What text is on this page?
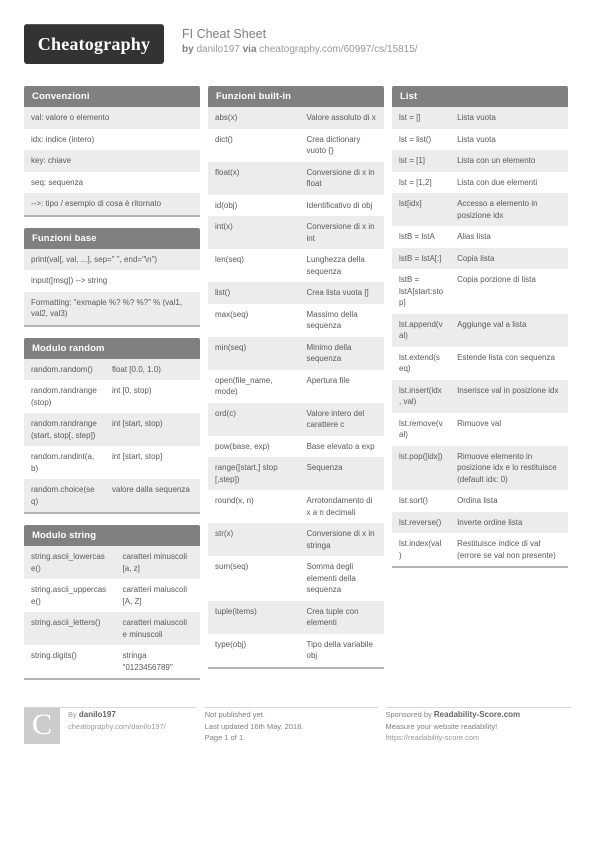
Cheatography	FI Cheat Sheet
by danilo197 via cheatography.com/60997/cs/15815/
Convenzioni
val: valore o elemento
idx: indice (intero)
key: chiave
seq: sequenza
-->: tipo / esempio di cosa è ritornato
Funzioni base
print(val[, val, ...], sep=" ", end="\n")
input([msg]) --> string
Formatting: "exmaple %? %? %?" % (val1, val2, val3)
Modulo random
random.random()	float [0.0, 1.0)
random.randrange(stop)	int [0, stop)
random.randrange(start, stop[, step])	int [start, stop)
random.randint(a, b)	int [start, stop]
random.choice(seq)	valore dalla sequenza
Modulo string
string.ascii_lowercase()	caratteri minuscoli [a, z]
string.ascii_uppercase()	caratteri maiuscoli [A, Z]
string.ascii_letters()	caratteri maiuscoli e minuscoli
string.digits()	stringa "0123456789"
Funzioni built-in
abs(x)	Valore assoluto di x
dict()	Crea dictionary vuoto {}
float(x)	Conversione di x in float
id(obj)	Identificativo di obj
int(x)	Conversione di x in int
len(seq)	Lunghezza della sequenza
list()	Crea lista vuota []
max(seq)	Massimo della sequenza
min(seq)	Minimo della sequenza
open(file_name, mode)	Apertura file
ord(c)	Valore intero del carattere c
pow(base, exp)	Base elevato a exp
range([start,] stop [,step])	Sequenza
round(x, n)	Arrotondamento di x a n decimali
str(x)	Conversione di x in stringa
sum(seq)	Somma degli elementi della sequenza
tuple(items)	Crea tuple con elementi
type(obj)	Tipo della variabile obj
List
lst = []	Lista vuota
lst = list()	Lista vuota
lst = [1]	Lista con un elemento
lst = [1,2]	Lista con due elementi
lst[idx]	Accesso a elemento in posizione idx
lstB = lstA	Alias lista
lstB = lstA[:]	Copia lista
lstB = lstA[start:stop]	Copia porzione di lista
lst.append(val)	Aggiunge val a lista
lst.extend(seq)	Estende lista con sequenza
lst.insert(idx, val)	Inserisce val in posizione idx
lst.remove(val)	Rimuove val
lst.pop([idx])	Rimuove elemento in posizione idx e lo restituisce (default idx: 0)
lst.sort()	Ordina lista
lst.reverse()	Inverte ordine lista
lst.index(val)	Restituisce indice di val (errore se val non presente)
C	By danilo197
cheatography.com/danilo197/
Not published yet.
Last updated 16th May, 2018.
Page 1 of 1.
Sponsored by Readability-Score.com
Measure your website readability!
https://readability-score.com
